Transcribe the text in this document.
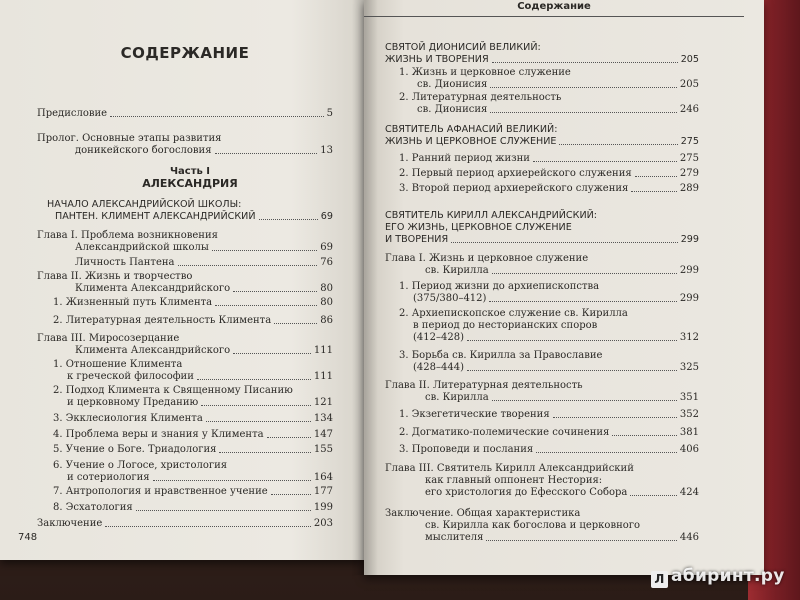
Содержание
СОДЕРЖАНИЕ
Предисловие	5
Пролог. Основные этапы развития
доникейского богословия	13
Часть I
АЛЕКСАНДРИЯ
НАЧАЛО АЛЕКСАНДРИЙСКОЙ ШКОЛЫ:
ПАНТЕН. КЛИМЕНТ АЛЕКСАНДРИЙСКИЙ	69
Глава I. Проблема возникновения
Александрийской школы	69
Личность Пантена	76
Глава II. Жизнь и творчество
Климента Александрийского	80
1. Жизненный путь Климента	80
2. Литературная деятельность Климента	86
Глава III. Миросозерцание
Климента Александрийского	111
1. Отношение Климента
к греческой философии	111
2. Подход Климента к Священному Писанию
и церковному Преданию	121
3. Экклесиология Климента	134
4. Проблема веры и знания у Климента	147
5. Учение о Боге. Триадология	155
6. Учение о Логосе, христология
и сотериология	164
7. Антропология и нравственное учение	177
8. Эсхатология	199
Заключение	203
748
СВЯТОЙ ДИОНИСИЙ ВЕЛИКИЙ:
ЖИЗНЬ И ТВОРЕНИЯ	205
1. Жизнь и церковное служение
св. Дионисия	205
2. Литературная деятельность
св. Дионисия	246
СВЯТИТЕЛЬ АФАНАСИЙ ВЕЛИКИЙ:
ЖИЗНЬ И ЦЕРКОВНОЕ СЛУЖЕНИЕ	275
1. Ранний период жизни	275
2. Первый период архиерейского служения	279
3. Второй период архиерейского служения	289
СВЯТИТЕЛЬ КИРИЛЛ АЛЕКСАНДРИЙСКИЙ:
ЕГО ЖИЗНЬ, ЦЕРКОВНОЕ СЛУЖЕНИЕ
И ТВОРЕНИЯ	299
Глава I. Жизнь и церковное служение
св. Кирилла	299
1. Период жизни до архиепископства
(375/380–412)	299
2. Архиепископское служение св. Кирилла
в период до несторианских споров
(412–428)	312
3. Борьба св. Кирилла за Православие
(428–444)	325
Глава II. Литературная деятельность
св. Кирилла	351
1. Экзегетические творения	352
2. Догматико-полемические сочинения	381
3. Проповеди и послания	406
Глава III. Святитель Кирилл Александрийский
как главный оппонент Нестория:
его христология до Ефесского Собора	424
Заключение. Общая характеристика
св. Кирилла как богослова и церковного
мыслителя	446
Л абиринт.ру
